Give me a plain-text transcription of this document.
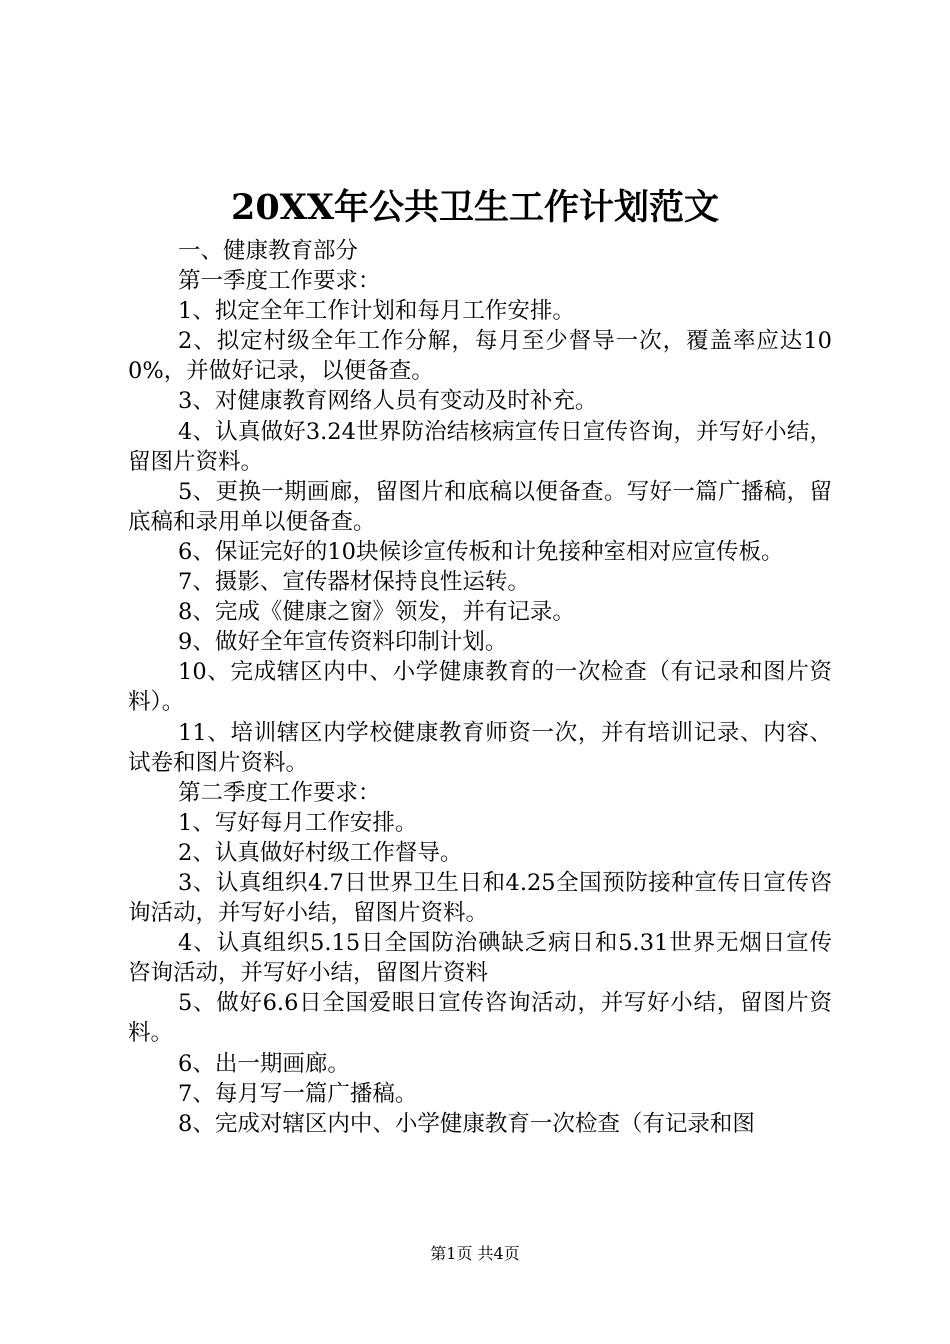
20XX年公共卫生工作计划范文

一、健康教育部分

第一季度工作要求：

1、拟定全年工作计划和每月工作安排。

2、拟定村级全年工作分解，每月至少督导一次，覆盖率应达100%，并做好记录，以便备查。

3、对健康教育网络人员有变动及时补充。

4、认真做好3.24世界防治结核病宣传日宣传咨询，并写好小结，留图片资料。

5、更换一期画廊，留图片和底稿以便备查。写好一篇广播稿，留底稿和录用单以便备查。

6、保证完好的10块候诊宣传板和计免接种室相对应宣传板。

7、摄影、宣传器材保持良性运转。

8、完成《健康之窗》领发，并有记录。

9、做好全年宣传资料印制计划。

10、完成辖区内中、小学健康教育的一次检查（有记录和图片资料）。

11、培训辖区内学校健康教育师资一次，并有培训记录、内容、试卷和图片资料。

第二季度工作要求：

1、写好每月工作安排。

2、认真做好村级工作督导。

3、认真组织4.7日世界卫生日和4.25全国预防接种宣传日宣传咨询活动，并写好小结，留图片资料。

4、认真组织5.15日全国防治碘缺乏病日和5.31世界无烟日宣传咨询活动，并写好小结，留图片资料

5、做好6.6日全国爱眼日宣传咨询活动，并写好小结，留图片资料。

6、出一期画廊。

7、每月写一篇广播稿。

8、完成对辖区内中、小学健康教育一次检查（有记录和图

第1页 共4页
